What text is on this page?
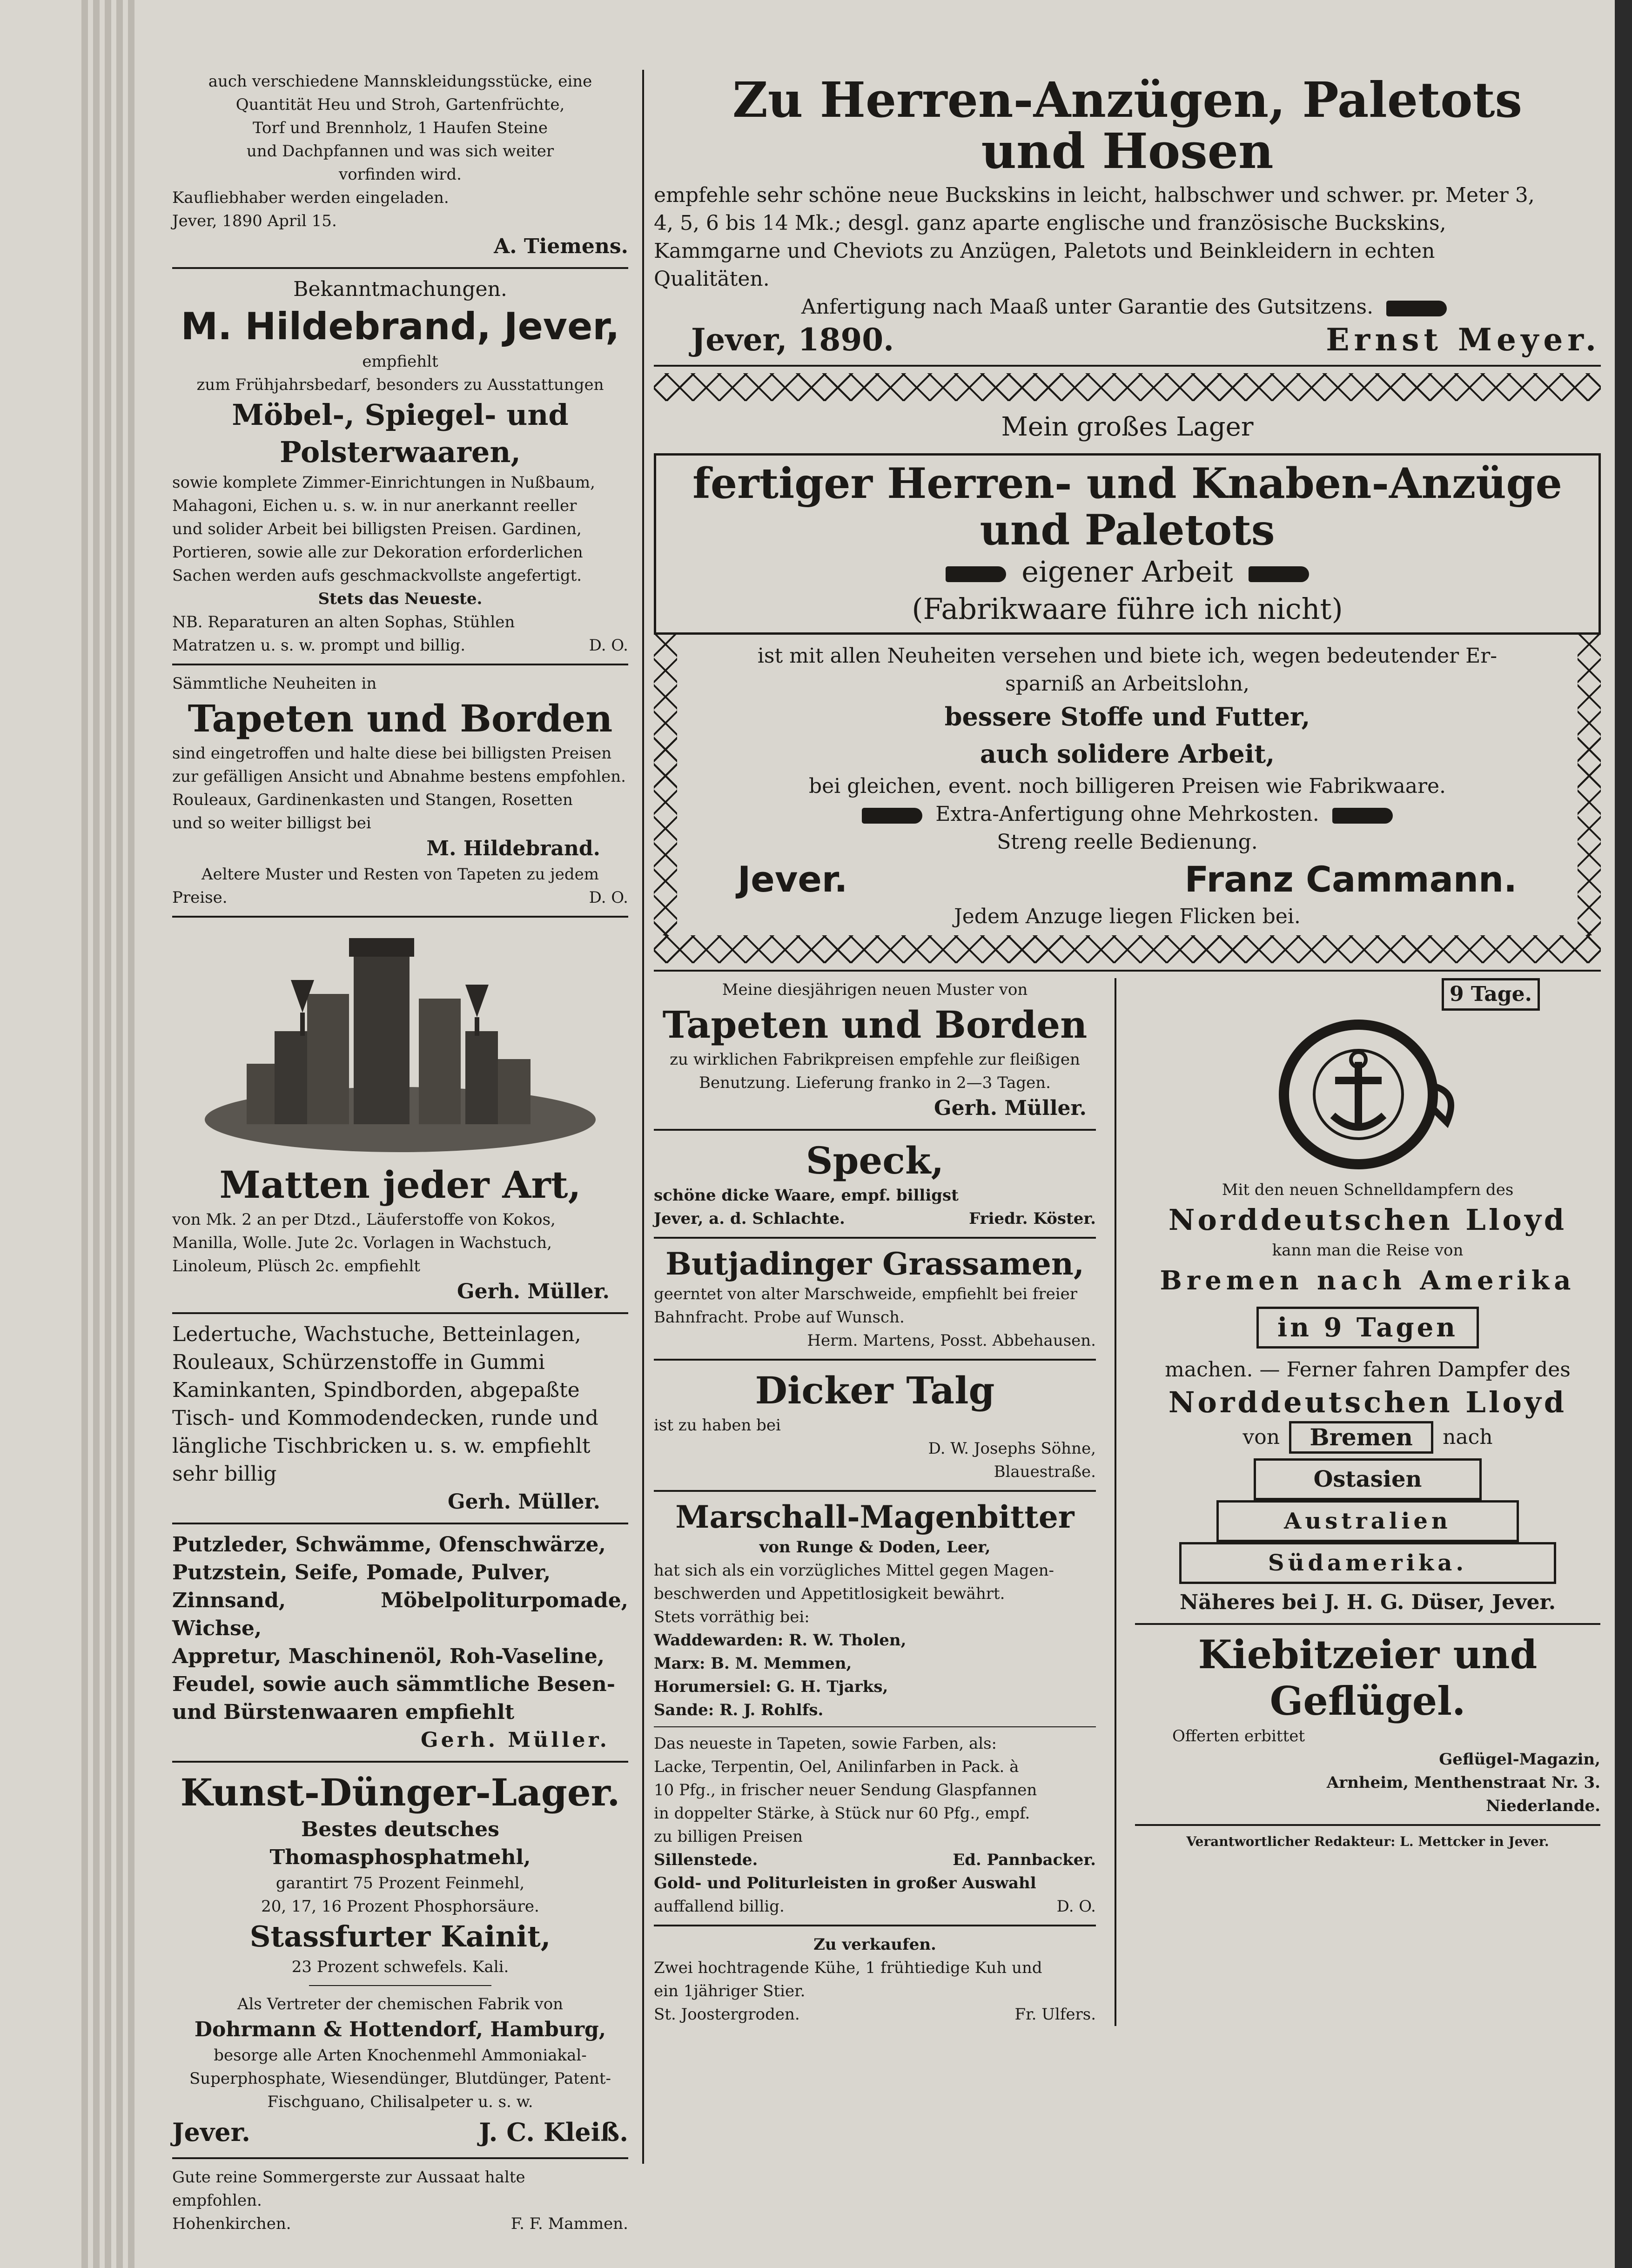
auch verschiedene Mannskleidungsstücke, eine

Quantität Heu und Stroh, Gartenfrüchte,

Torf und Brennholz, 1 Haufen Steine

und Dachpfannen und was sich weiter

vorfinden wird.

Kaufliebhaber werden eingeladen.

Jever, 1890 April 15.

A. Tiemens.

Bekanntmachungen.

M. Hildebrand, Jever,

empfiehlt

zum Frühjahrsbedarf, besonders zu Ausstattungen

Möbel-, Spiegel- und

Polsterwaaren,

sowie komplete Zimmer-Einrichtungen in Nußbaum,

Mahagoni, Eichen u. s. w. in nur anerkannt reeller

und solider Arbeit bei billigsten Preisen. Gardinen,

Portieren, sowie alle zur Dekoration erforderlichen

Sachen werden aufs geschmackvollste angefertigt.

Stets das Neueste.

NB. Reparaturen an alten Sophas, Stühlen

Matratzen u. s. w. prompt und billig.	D. O.

Sämmtliche Neuheiten in

Tapeten und Borden

sind eingetroffen und halte diese bei billigsten Preisen

zur gefälligen Ansicht und Abnahme bestens empfohlen.

Rouleaux, Gardinenkasten und Stangen, Rosetten

und so weiter billigst bei

M. Hildebrand.

Aeltere Muster und Resten von Tapeten zu jedem

Preise.	D. O.

Matten jeder Art,

von Mk. 2 an per Dtzd., Läuferstoffe von Kokos,

Manilla, Wolle. Jute 2c. Vorlagen in Wachstuch,

Linoleum, Plüsch 2c. empfiehlt

Gerh. Müller.

Ledertuche, Wachstuche, Betteinlagen,

Rouleaux, Schürzenstoffe in Gummi

Kaminkanten, Spindborden, abgepaßte

Tisch- und Kommodendecken, runde und

längliche Tischbricken u. s. w. empfiehlt

sehr billig

Gerh. Müller.

Putzleder, Schwämme, Ofenschwärze,

Putzstein, Seife, Pomade, Pulver,

Zinnsand, Möbelpoliturpomade, Wichse,

Appretur, Maschinenöl, Roh-Vaseline,

Feudel, sowie auch sämmtliche Besen-

und Bürstenwaaren empfiehlt

Gerh. Müller.

Kunst-Dünger-Lager.

Bestes deutsches Thomasphosphatmehl,

garantirt 75 Prozent Feinmehl,

20, 17, 16 Prozent Phosphorsäure.

Stassfurter Kainit,

23 Prozent schwefels. Kali.

Als Vertreter der chemischen Fabrik von

Dohrmann & Hottendorf, Hamburg,

besorge alle Arten Knochenmehl Ammoniakal-

Superphosphate, Wiesendünger, Blutdünger, Patent-

Fischguano, Chilisalpeter u. s. w.

Jever.	J. C. Kleiß.

Gute reine Sommergerste zur Aussaat halte

empfohlen.

Hohenkirchen.	F. F. Mammen.

Zu Herren-Anzügen, Paletots

und Hosen

empfehle sehr schöne neue Buckskins in leicht, halbschwer und schwer. pr. Meter 3,

4, 5, 6 bis 14 Mk.; desgl. ganz aparte englische und französische Buckskins,

Kammgarne und Cheviots zu Anzügen, Paletots und Beinkleidern in echten

Qualitäten.

Anfertigung nach Maaß unter Garantie des Gutsitzens.

Jever, 1890.	Ernst Meyer.

Mein großes Lager

fertiger Herren- und Knaben-Anzüge

und Paletots

eigener Arbeit

(Fabrikwaare führe ich nicht)

ist mit allen Neuheiten versehen und biete ich, wegen bedeutender Er-

sparniß an Arbeitslohn,

bessere Stoffe und Futter,

auch solidere Arbeit,

bei gleichen, event. noch billigeren Preisen wie Fabrikwaare.

Extra-Anfertigung ohne Mehrkosten.

Streng reelle Bedienung.

Jever.	Franz Cammann.

Jedem Anzuge liegen Flicken bei.

Meine diesjährigen neuen Muster von

Tapeten und Borden

zu wirklichen Fabrikpreisen empfehle zur fleißigen

Benutzung. Lieferung franko in 2—3 Tagen.

Gerh. Müller.

Speck,

schöne dicke Waare, empf. billigst

Jever, a. d. Schlachte.	Friedr. Köster.

Butjadinger Grassamen,

geerntet von alter Marschweide, empfiehlt bei freier

Bahnfracht. Probe auf Wunsch.

Herm. Martens, Posst. Abbehausen.

Dicker Talg

ist zu haben bei

D. W. Josephs Söhne,

Blauestraße.

Marschall-Magenbitter

von Runge & Doden, Leer,

hat sich als ein vorzügliches Mittel gegen Magen-

beschwerden und Appetitlosigkeit bewährt.

Stets vorräthig bei:

Waddewarden: R. W. Tholen,

Marx: B. M. Memmen,

Horumersiel: G. H. Tjarks,

Sande: R. J. Rohlfs.

Das neueste in Tapeten, sowie Farben, als:

Lacke, Terpentin, Oel, Anilinfarben in Pack. à

10 Pfg., in frischer neuer Sendung Glaspfannen

in doppelter Stärke, à Stück nur 60 Pfg., empf.

zu billigen Preisen

Sillenstede.	Ed. Pannbacker.

Gold- und Politurleisten in großer Auswahl

auffallend billig.	D. O.

Zu verkaufen.

Zwei hochtragende Kühe, 1 frühtiedige Kuh und

ein 1jähriger Stier.

St. Joostergroden.	Fr. Ulfers.

9 Tage.

Mit den neuen Schnelldampfern des

Norddeutschen Lloyd

kann man die Reise von

Bremen nach Amerika

in 9 Tagen

machen. — Ferner fahren Dampfer des

Norddeutschen Lloyd

von	Bremen	nach
Ostasien
Australien
Südamerika.

Näheres bei J. H. G. Düser, Jever.

Kiebitzeier und Geflügel.

Offerten erbittet

Geflügel-Magazin,

Arnheim, Menthenstraat Nr. 3.

Niederlande.

Verantwortlicher Redakteur: L. Mettcker in Jever.
